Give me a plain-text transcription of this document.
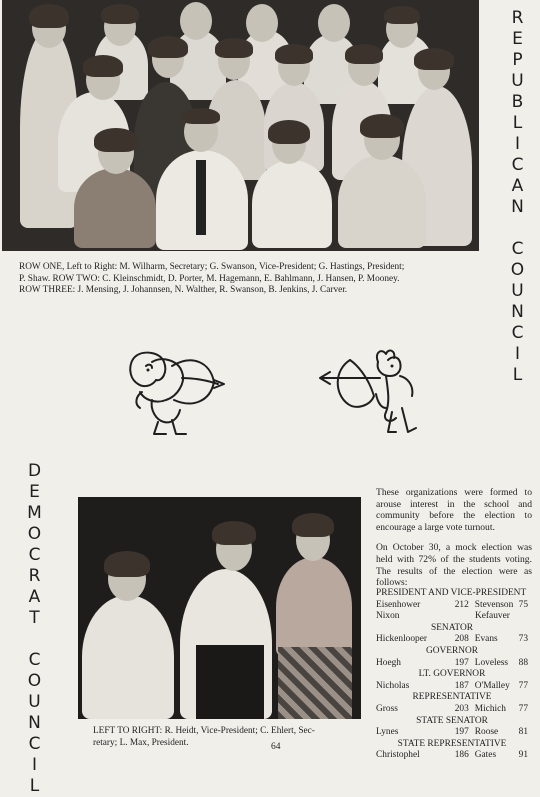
R
E
P
U
B
L
I
C
A
N
C
O
U
N
C
I
L
ROW ONE, Left to Right: M. Wilharm, Secretary; G. Swanson, Vice-President; G. Hastings, President;
P. Shaw. ROW TWO: C. Kleinschmidt, D. Porter, M. Hagemann, E. Bahlmann, J. Hansen, P. Mooney.
ROW THREE: J. Mensing, J. Johannsen, N. Walther, R. Swanson, B. Jenkins, J. Carver.
D
E
M
O
C
R
A
T
C
O
U
N
C
I
L
LEFT TO RIGHT: R. Heidt, Vice-President; C. Ehlert, Sec-
retary; L. Max, President.	64

These organizations were formed to arouse interest in the school and community before the election to encourage a large vote turnout.

On October 30, a mock election was held with 72% of the students voting. The results of the election were as follows:

PRESIDENT AND VICE-PRESIDENT
Eisenhower	212 Stevenson 75
Nixon	Kefauver
SENATOR
Hickenlooper	208 Evans	73
GOVERNOR
Hoegh	197 Loveless	88
LT. GOVERNOR
Nicholas	187 O'Malley 77
REPRESENTATIVE
Gross	203 Michich	77
STATE SENATOR
Lynes	197 Roose	81
STATE REPRESENTATIVE
Christophel	186 Gates	91
